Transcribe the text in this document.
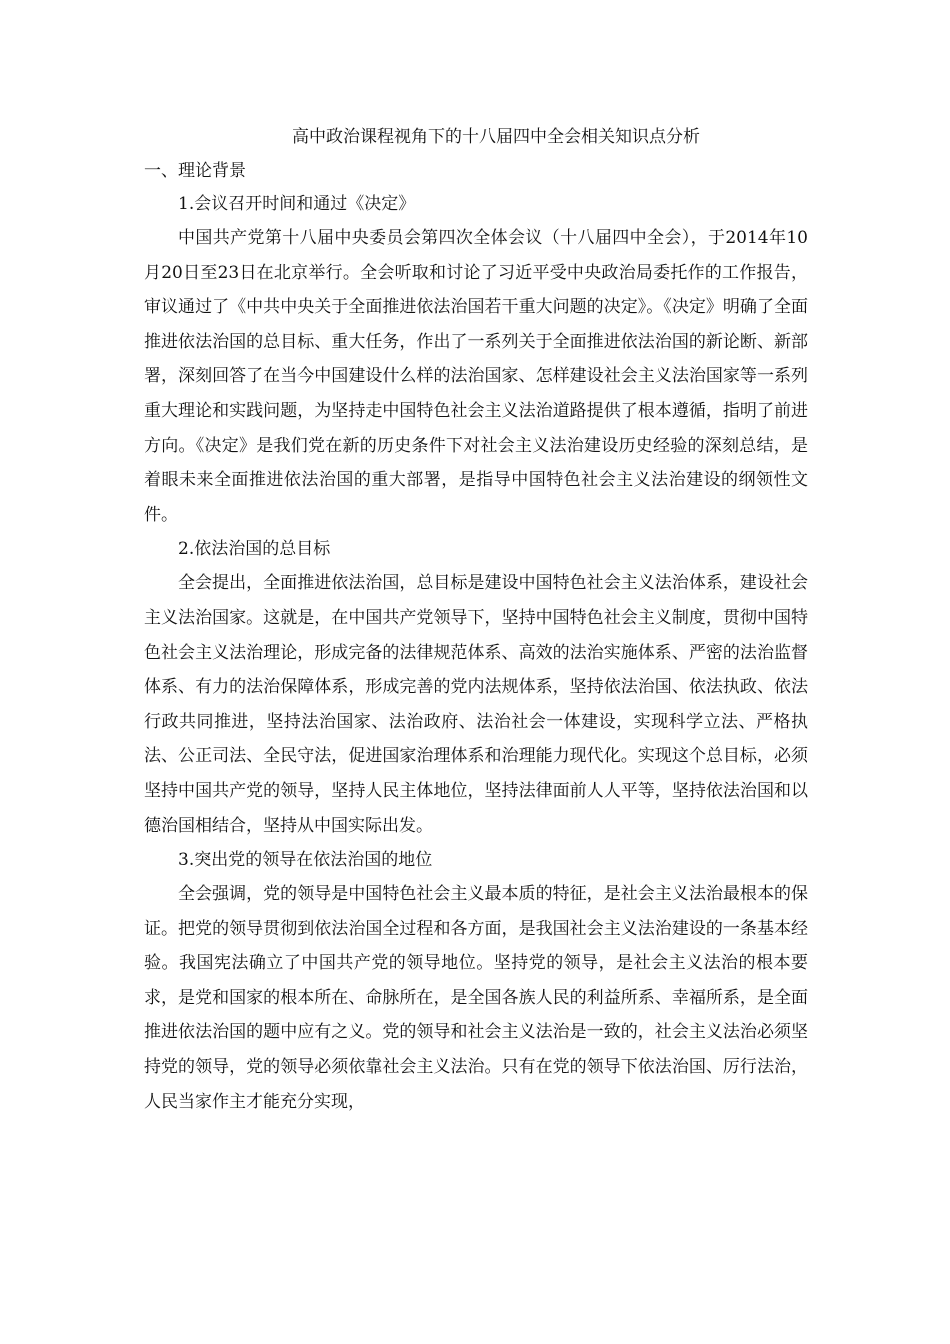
高中政治课程视角下的十八届四中全会相关知识点分析
一、理论背景
1.会议召开时间和通过《决定》

中国共产党第十八届中央委员会第四次全体会议（十八届四中全会），于2014年10月20日至23日在北京举行。全会听取和讨论了习近平受中央政治局委托作的工作报告，审议通过了《中共中央关于全面推进依法治国若干重大问题的决定》。《决定》明确了全面推进依法治国的总目标、重大任务，作出了一系列关于全面推进依法治国的新论断、新部署，深刻回答了在当今中国建设什么样的法治国家、怎样建设社会主义法治国家等一系列重大理论和实践问题，为坚持走中国特色社会主义法治道路提供了根本遵循，指明了前进方向。《决定》是我们党在新的历史条件下对社会主义法治建设历史经验的深刻总结，是着眼未来全面推进依法治国的重大部署，是指导中国特色社会主义法治建设的纲领性文件。

2.依法治国的总目标

全会提出，全面推进依法治国，总目标是建设中国特色社会主义法治体系，建设社会主义法治国家。这就是，在中国共产党领导下，坚持中国特色社会主义制度，贯彻中国特色社会主义法治理论，形成完备的法律规范体系、高效的法治实施体系、严密的法治监督体系、有力的法治保障体系，形成完善的党内法规体系，坚持依法治国、依法执政、依法行政共同推进，坚持法治国家、法治政府、法治社会一体建设，实现科学立法、严格执法、公正司法、全民守法，促进国家治理体系和治理能力现代化。实现这个总目标，必须坚持中国共产党的领导，坚持人民主体地位，坚持法律面前人人平等，坚持依法治国和以德治国相结合，坚持从中国实际出发。

3.突出党的领导在依法治国的地位

全会强调，党的领导是中国特色社会主义最本质的特征，是社会主义法治最根本的保证。把党的领导贯彻到依法治国全过程和各方面，是我国社会主义法治建设的一条基本经验。我国宪法确立了中国共产党的领导地位。坚持党的领导，是社会主义法治的根本要求，是党和国家的根本所在、命脉所在，是全国各族人民的利益所系、幸福所系，是全面推进依法治国的题中应有之义。党的领导和社会主义法治是一致的，社会主义法治必须坚持党的领导，党的领导必须依靠社会主义法治。只有在党的领导下依法治国、厉行法治，人民当家作主才能充分实现，
